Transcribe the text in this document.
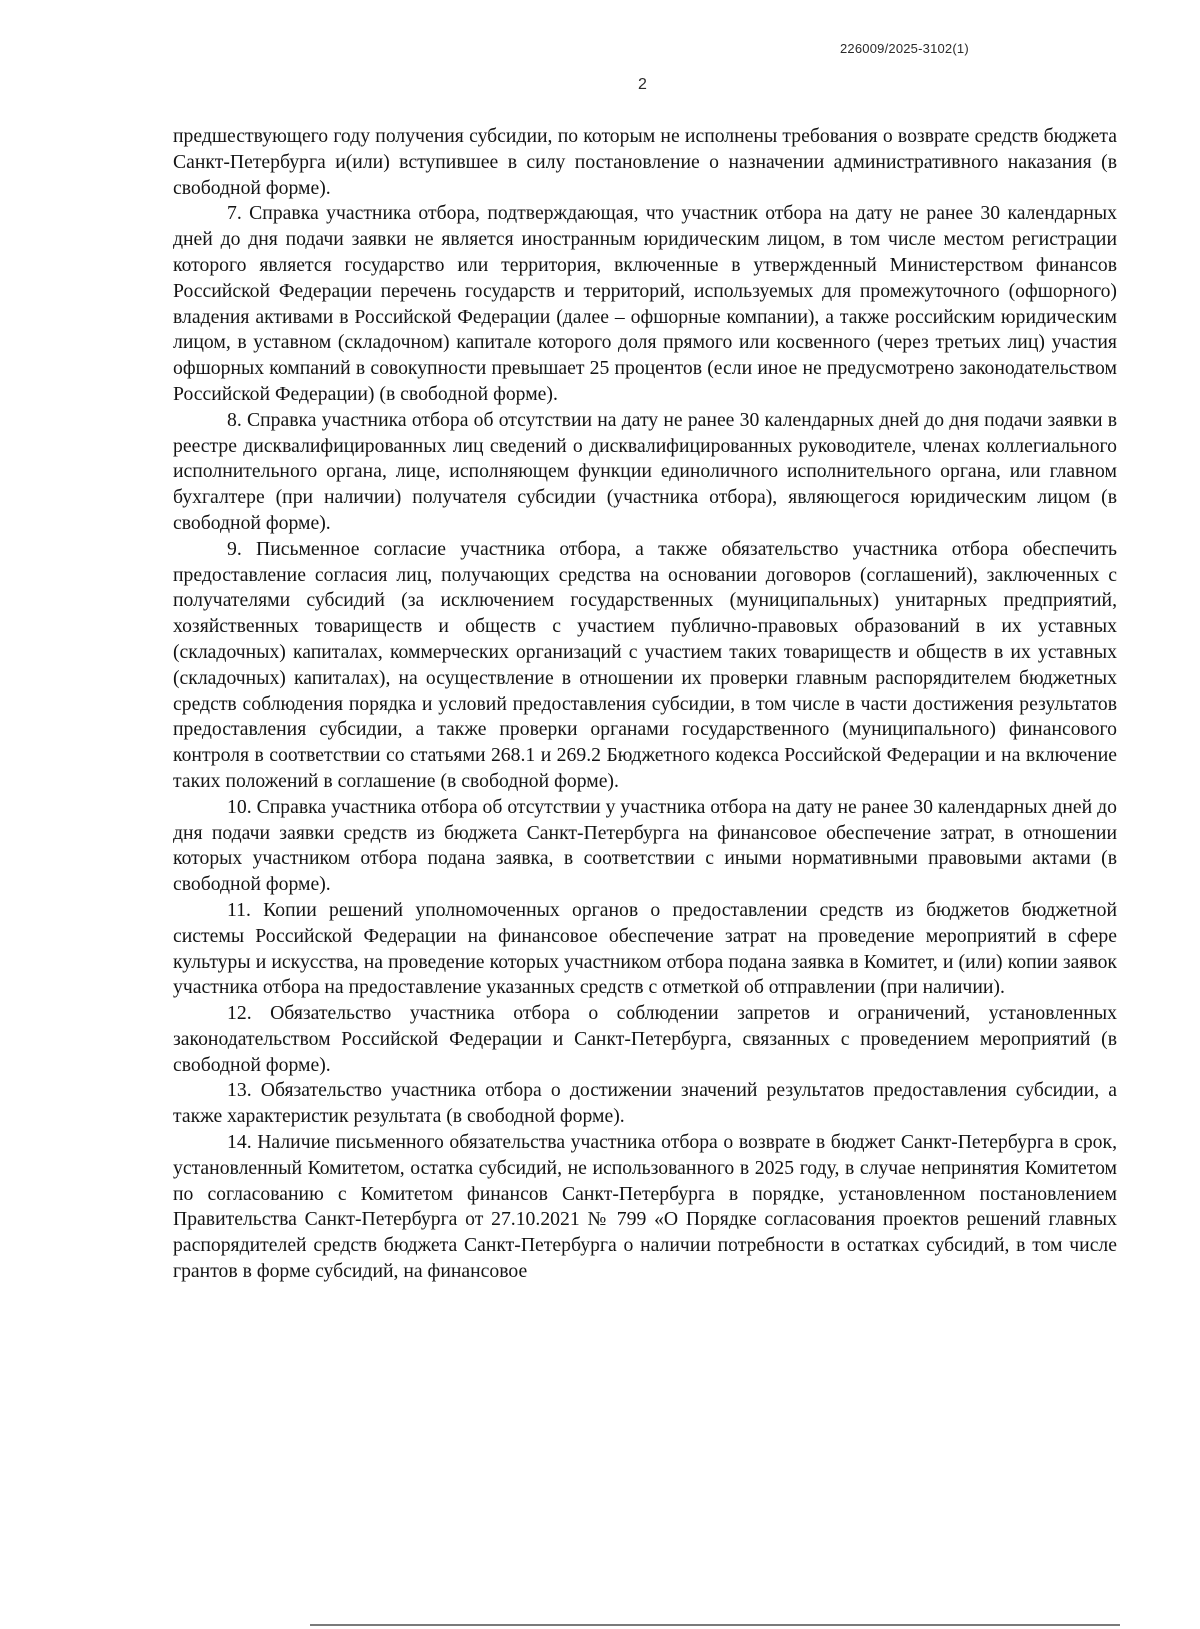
226009/2025-3102(1)
2

предшествующего году получения субсидии, по которым не исполнены требования о возврате средств бюджета Санкт-Петербурга и(или) вступившее в силу постановление о назначении административного наказания (в свободной форме).

7. Справка участника отбора, подтверждающая, что участник отбора на дату не ранее 30 календарных дней до дня подачи заявки не является иностранным юридическим лицом, в том числе местом регистрации которого является государство или территория, включенные в утвержденный Министерством финансов Российской Федерации перечень государств и территорий, используемых для промежуточного (офшорного) владения активами в Российской Федерации (далее – офшорные компании), а также российским юридическим лицом, в уставном (складочном) капитале которого доля прямого или косвенного (через третьих лиц) участия офшорных компаний в совокупности превышает 25 процентов (если иное не предусмотрено законодательством Российской Федерации) (в свободной форме).

8. Справка участника отбора об отсутствии на дату не ранее 30 календарных дней до дня подачи заявки в реестре дисквалифицированных лиц сведений о дисквалифицированных руководителе, членах коллегиального исполнительного органа, лице, исполняющем функции единоличного исполнительного органа, или главном бухгалтере (при наличии) получателя субсидии (участника отбора), являющегося юридическим лицом (в свободной форме).

9. Письменное согласие участника отбора, а также обязательство участника отбора обеспечить предоставление согласия лиц, получающих средства на основании договоров (соглашений), заключенных с получателями субсидий (за исключением государственных (муниципальных) унитарных предприятий, хозяйственных товариществ и обществ с участием публично-правовых образований в их уставных (складочных) капиталах, коммерческих организаций с участием таких товариществ и обществ в их уставных (складочных) капиталах), на осуществление в отношении их проверки главным распорядителем бюджетных средств соблюдения порядка и условий предоставления субсидии, в том числе в части достижения результатов предоставления субсидии, а также проверки органами государственного (муниципального) финансового контроля в соответствии со статьями 268.1 и 269.2 Бюджетного кодекса Российской Федерации и на включение таких положений в соглашение (в свободной форме).

10. Справка участника отбора об отсутствии у участника отбора на дату не ранее 30 календарных дней до дня подачи заявки средств из бюджета Санкт-Петербурга на финансовое обеспечение затрат, в отношении которых участником отбора подана заявка, в соответствии с иными нормативными правовыми актами (в свободной форме).

11. Копии решений уполномоченных органов о предоставлении средств из бюджетов бюджетной системы Российской Федерации на финансовое обеспечение затрат на проведение мероприятий в сфере культуры и искусства, на проведение которых участником отбора подана заявка в Комитет, и (или) копии заявок участника отбора на предоставление указанных средств с отметкой об отправлении (при наличии).

12. Обязательство участника отбора о соблюдении запретов и ограничений, установленных законодательством Российской Федерации и Санкт-Петербурга, связанных с проведением мероприятий (в свободной форме).

13. Обязательство участника отбора о достижении значений результатов предоставления субсидии, а также характеристик результата (в свободной форме).

14. Наличие письменного обязательства участника отбора о возврате в бюджет Санкт-Петербурга в срок, установленный Комитетом, остатка субсидий, не использованного в 2025 году, в случае непринятия Комитетом по согласованию с Комитетом финансов Санкт-Петербурга в порядке, установленном постановлением Правительства Санкт-Петербурга от 27.10.2021 № 799 «О Порядке согласования проектов решений главных распорядителей средств бюджета Санкт-Петербурга о наличии потребности в остатках субсидий, в том числе грантов в форме субсидий, на финансовое
